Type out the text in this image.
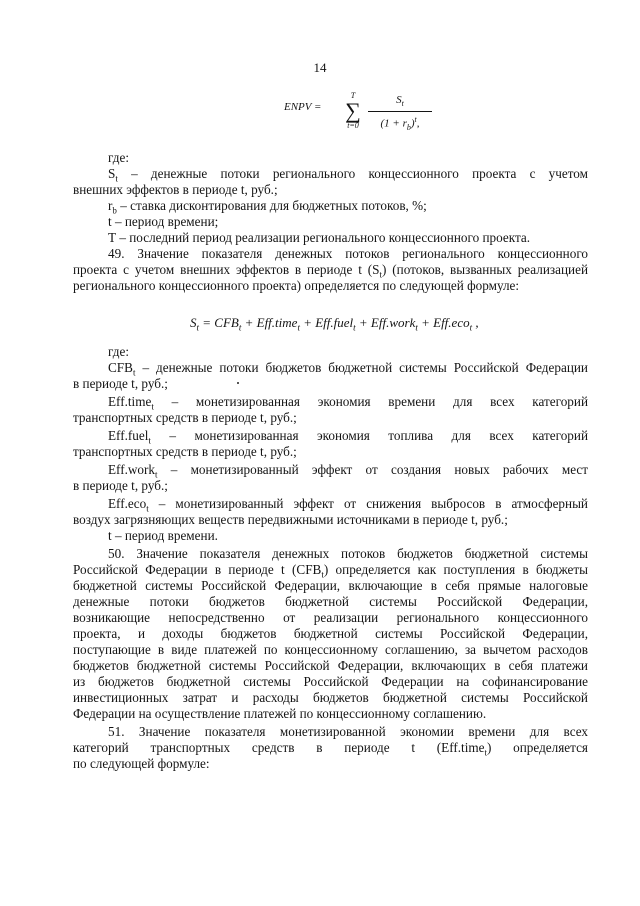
14
ENPV =
T
∑
t=0
$S_t$
$(1 + r_b)^t$,
где:
$S_t$ – денежные потоки регионального концессионного проекта с учетом
внешних эффектов в периоде t, руб.;
$r_b$ – ставка дисконтирования для бюджетных потоков, %;
t – период времени;
Т – последний период реализации регионального концессионного проекта.
49. Значение показателя денежных потоков регионального концессионного
проекта с учетом внешних эффектов в периоде t $(S_t)$ (потоков, вызванных реализацией
регионального концессионного проекта) определяется по следующей формуле:
$S_t = CFB_t$ + Eff.time$_t$ + Eff.fuel$_t$ + Eff.work$_t$ + Eff.eco$_t$ ,
где:
$CFB_t$ – денежные потоки бюджетов бюджетной системы Российской Федерации
в периоде t, руб.;
Eff.time$_t$ – монетизированная экономия времени для всех категорий
транспортных средств в периоде t, руб.;
Eff.fuel$_t$ – монетизированная экономия топлива для всех категорий
транспортных средств в периоде t, руб.;
Eff.work$_t$ – монетизированный эффект от создания новых рабочих мест
в периоде t, руб.;
Eff.eco$_t$ – монетизированный эффект от снижения выбросов в атмосферный
воздух загрязняющих веществ передвижными источниками в периоде t, руб.;
t – период времени.
50. Значение показателя денежных потоков бюджетов бюджетной системы
Российской Федерации в периоде t $(CFB_t)$ определяется как поступления в бюджеты
бюджетной системы Российской Федерации, включающие в себя прямые налоговые
денежные потоки бюджетов бюджетной системы Российской Федерации,
возникающие непосредственно от реализации регионального концессионного
проекта, и доходы бюджетов бюджетной системы Российской Федерации,
поступающие в виде платежей по концессионному соглашению, за вычетом расходов
бюджетов бюджетной системы Российской Федерации, включающих в себя платежи
из бюджетов бюджетной системы Российской Федерации на софинансирование
инвестиционных затрат и расходы бюджетов бюджетной системы Российской
Федерации на осуществление платежей по концессионному соглашению.
51. Значение показателя монетизированной экономии времени для всех
категорий транспортных средств в периоде t (Eff.time$_t$) определяется
по следующей формуле:
